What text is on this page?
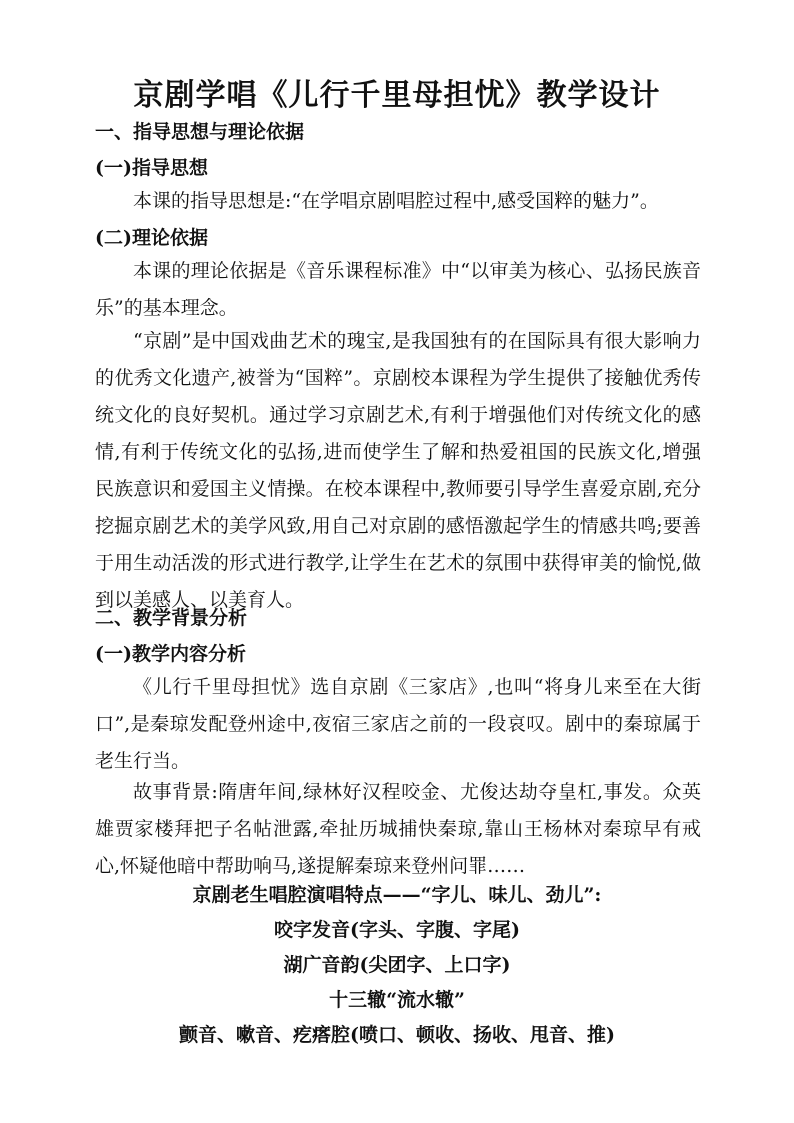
京剧学唱《儿行千里母担忧》教学设计
一、指导思想与理论依据
(一)指导思想
本课的指导思想是:“在学唱京剧唱腔过程中,感受国粹的魅力”。
(二)理论依据
本课的理论依据是《音乐课程标准》中“以审美为核心、弘扬民族音乐”的基本理念。
“京剧”是中国戏曲艺术的瑰宝,是我国独有的在国际具有很大影响力的优秀文化遗产,被誉为“国粹”。京剧校本课程为学生提供了接触优秀传统文化的良好契机。通过学习京剧艺术,有利于增强他们对传统文化的感情,有利于传统文化的弘扬,进而使学生了解和热爱祖国的民族文化,增强民族意识和爱国主义情操。在校本课程中,教师要引导学生喜爱京剧,充分挖掘京剧艺术的美学风致,用自己对京剧的感悟激起学生的情感共鸣;要善于用生动活泼的形式进行教学,让学生在艺术的氛围中获得审美的愉悦,做到以美感人、以美育人。
二、教学背景分析
(一)教学内容分析
《儿行千里母担忧》选自京剧《三家店》,也叫“将身儿来至在大街口”,是秦琼发配登州途中,夜宿三家店之前的一段哀叹。剧中的秦琼属于老生行当。
故事背景:隋唐年间,绿林好汉程咬金、尤俊达劫夺皇杠,事发。众英雄贾家楼拜把子名帖泄露,牵扯历城捕快秦琼,靠山王杨林对秦琼早有戒心,怀疑他暗中帮助响马,遂提解秦琼来登州问罪……
京剧老生唱腔演唱特点——“字儿、味儿、劲儿”:
咬字发音(字头、字腹、字尾)
湖广音韵(尖团字、上口字)
十三辙“流水辙”
颤音、嗽音、疙瘩腔(喷口、顿收、扬收、甩音、推)
